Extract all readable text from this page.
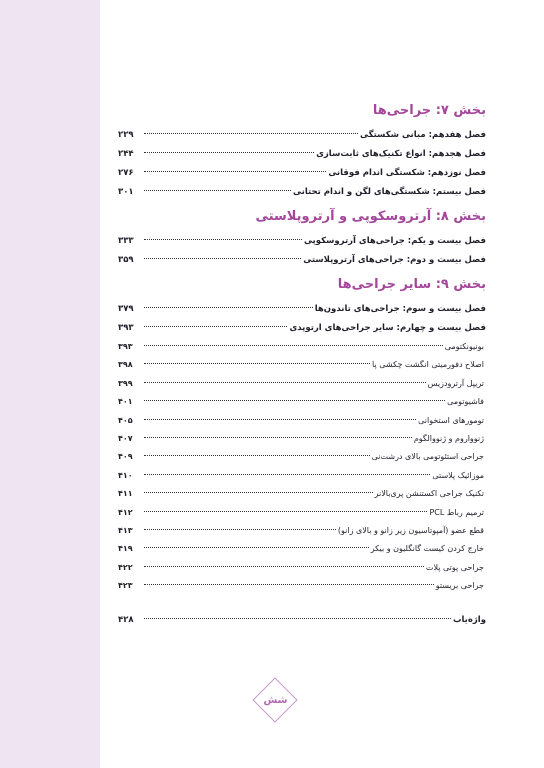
بخش ۷: جراحی‌ها
فصل هفدهم: مبانی شکستگی
۲۲۹
فصل هجدهم: انواع تکنیک‌های ثابت‌سازی
۲۴۴
فصل نوزدهم: شکستگی اندام فوقانی
۲۷۶
فصل بیستم: شکستگی‌های لگن و اندام تحتانی
۳۰۱
بخش ۸: آرتروسکوپی و آرتروپلاستی
فصل بیست و یکم: جراحی‌های آرتروسکوپی
۳۳۳
فصل بیست و دوم: جراحی‌های آرتروپلاستی
۳۵۹
بخش ۹: سایر جراحی‌ها
فصل بیست و سوم: جراحی‌های تاندون‌ها
۳۷۹
فصل بیست و چهارم: سایر جراحی‌های ارتوپدی
۳۹۳
بونیونکتومی
۳۹۳
اصلاح دفورمیتی انگشت چکشی پا
۳۹۸
تریپل آرترودزیس
۳۹۹
فاشیوتومی
۴۰۱
تومورهای استخوانی
۴۰۵
ژنوواروم و ژنووالگوم
۴۰۷
جراحی استئوتومی بالای درشت‌نی
۴۰۹
موزائیک پلاستی
۴۱۰
تکنیک جراحی اکستنشن پری‌بالانر
۴۱۱
ترمیم رباط PCL
۴۱۲
قطع عضو (آمپوتاسیون زیر زانو و بالای زانو)
۴۱۳
خارج کردن کیست گانگلیون و بیکر
۴۱۹
جراحی پوتی پلات
۴۲۲
جراحی بریستو
۴۲۳
واژه‌یاب
۴۲۸
شش
